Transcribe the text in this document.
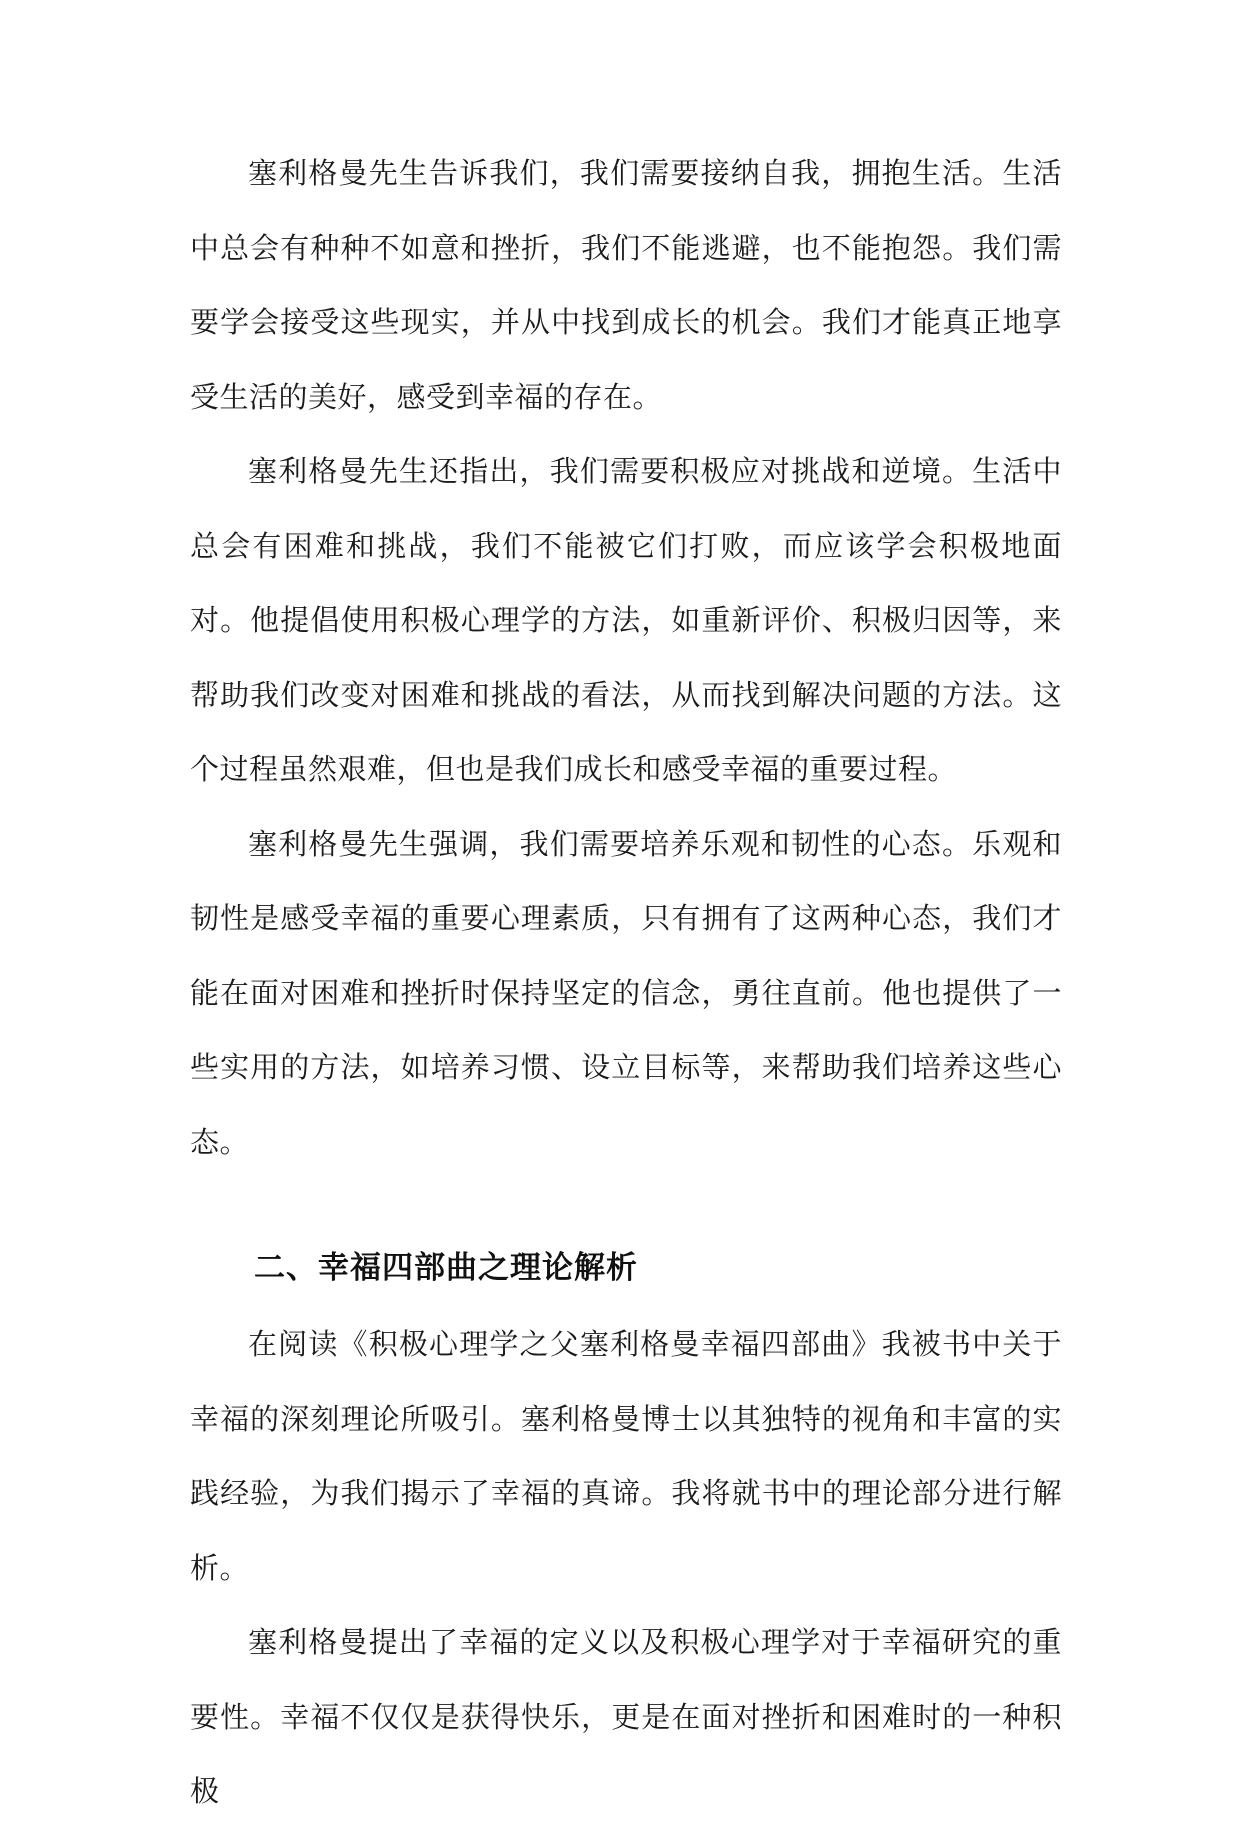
塞利格曼先生告诉我们，我们需要接纳自我，拥抱生活。生活中总会有种种不如意和挫折，我们不能逃避，也不能抱怨。我们需要学会接受这些现实，并从中找到成长的机会。我们才能真正地享受生活的美好，感受到幸福的存在。

塞利格曼先生还指出，我们需要积极应对挑战和逆境。生活中总会有困难和挑战，我们不能被它们打败，而应该学会积极地面对。他提倡使用积极心理学的方法，如重新评价、积极归因等，来帮助我们改变对困难和挑战的看法，从而找到解决问题的方法。这个过程虽然艰难，但也是我们成长和感受幸福的重要过程。

塞利格曼先生强调，我们需要培养乐观和韧性的心态。乐观和韧性是感受幸福的重要心理素质，只有拥有了这两种心态，我们才能在面对困难和挫折时保持坚定的信念，勇往直前。他也提供了一些实用的方法，如培养习惯、设立目标等，来帮助我们培养这些心态。

二、幸福四部曲之理论解析

在阅读《积极心理学之父塞利格曼幸福四部曲》我被书中关于幸福的深刻理论所吸引。塞利格曼博士以其独特的视角和丰富的实践经验，为我们揭示了幸福的真谛。我将就书中的理论部分进行解析。

塞利格曼提出了幸福的定义以及积极心理学对于幸福研究的重要性。幸福不仅仅是获得快乐，更是在面对挫折和困难时的一种积极
